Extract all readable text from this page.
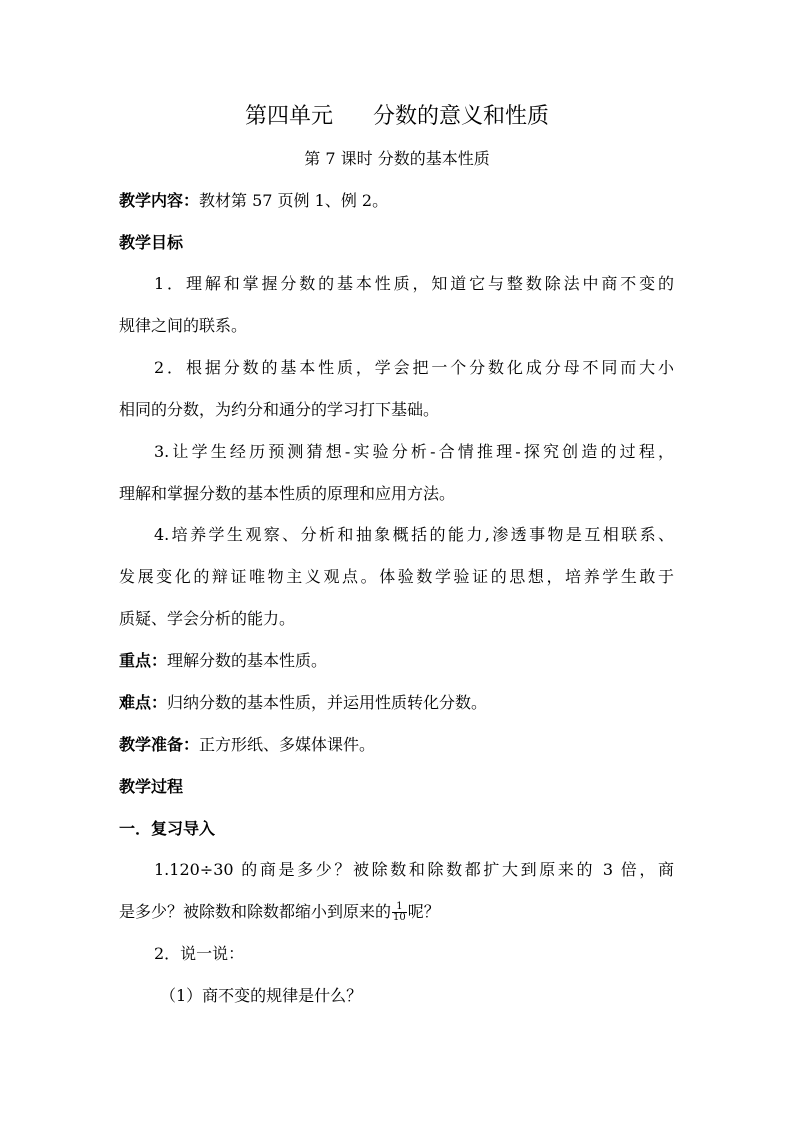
第四单元 分数的意义和性质
第 7 课时 分数的基本性质
教学内容：教材第 57 页例 1、例 2。
教学目标
1．理解和掌握分数的基本性质，知道它与整数除法中商不变的
规律之间的联系。
2．根据分数的基本性质，学会把一个分数化成分母不同而大小
相同的分数，为约分和通分的学习打下基础。
3.让学生经历预测猜想-实验分析-合情推理-探究创造的过程，
理解和掌握分数的基本性质的原理和应用方法。
4.培养学生观察、分析和抽象概括的能力,渗透事物是互相联系、
发展变化的辩证唯物主义观点。体验数学验证的思想，培养学生敢于
质疑、学会分析的能力。
重点：理解分数的基本性质。
难点：归纳分数的基本性质，并运用性质转化分数。
教学准备：正方形纸、多媒体课件。
教学过程
一．复习导入
1.120÷30 的商是多少？被除数和除数都扩大到原来的 3 倍，商
是多少？被除数和除数都缩小到原来的 $\frac{1}{10}$ 呢？
2．说一说：
（1）商不变的规律是什么？
